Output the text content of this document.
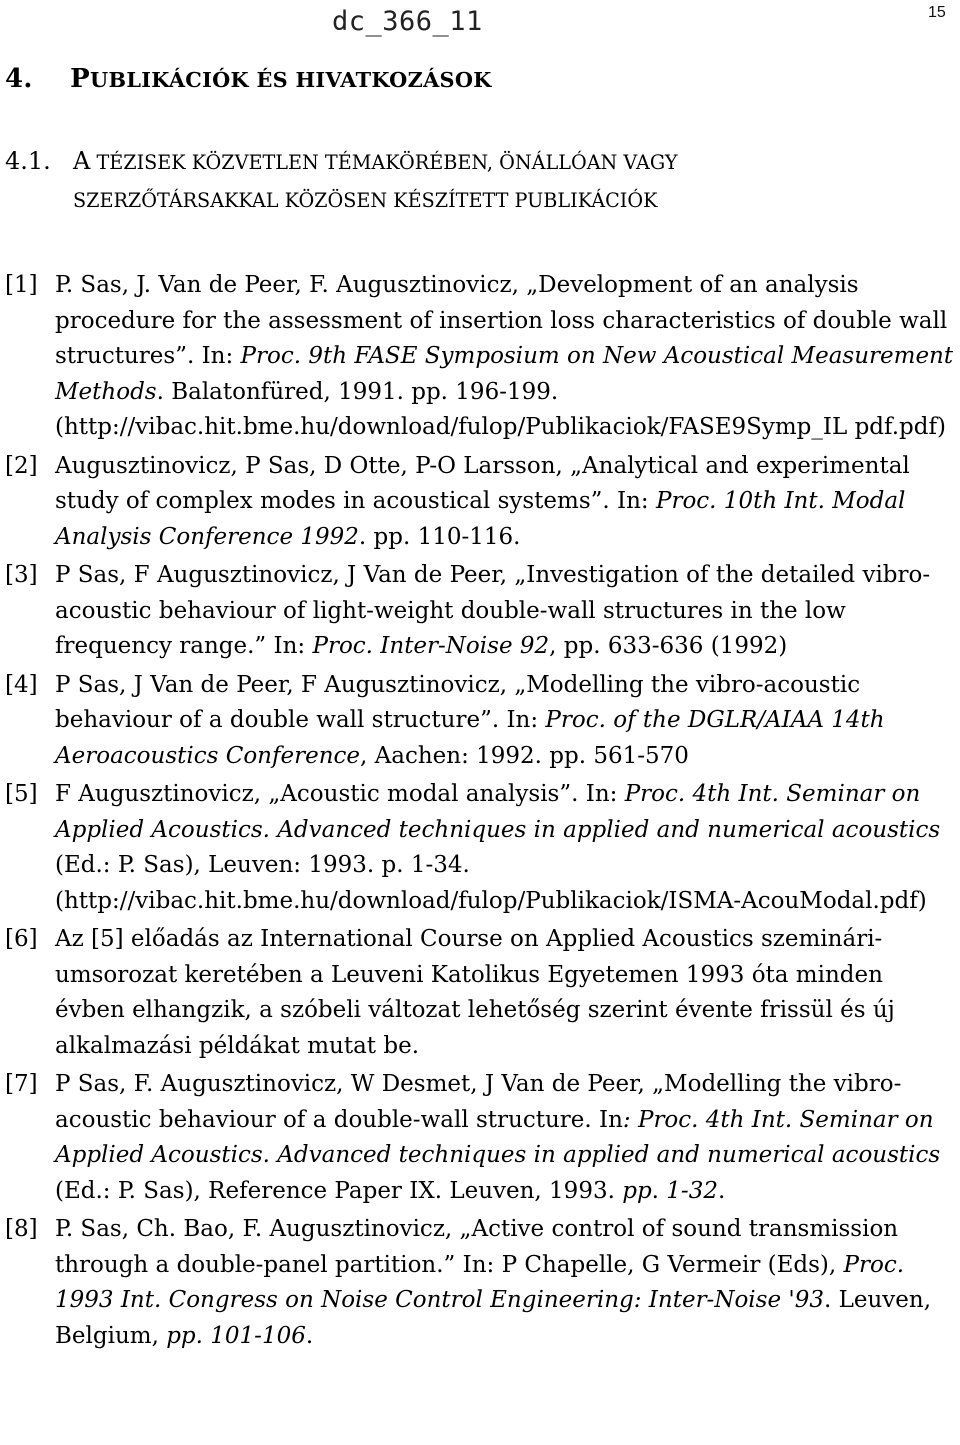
dc_366_11	15
4. PUBLIKÁCIÓK ÉS HIVATKOZÁSOK
4.1. A TÉZISEK KÖZVETLEN TÉMAKÖRÉBEN, ÖNÁLLÓAN VAGY
SZERZŐTÁRSAKKAL KÖZÖSEN KÉSZÍTETT PUBLIKÁCIÓK
[1] P. Sas, J. Van de Peer, F. Augusztinovicz, „Development of an analysis procedure for the assessment of insertion loss characteristics of double wall structures”. In: Proc. 9th FASE Symposium on New Acoustical Measurement Methods. Balatonfüred, 1991. pp. 196-199. (http://vibac.hit.bme.hu/download/fulop/Publikaciok/FASE9Symp_IL pdf.pdf)
[2] Augusztinovicz, P Sas, D Otte, P-O Larsson, „Analytical and experimental study of complex modes in acoustical systems”. In: Proc. 10th Int. Modal Analysis Conference 1992. pp. 110-116.
[3] P Sas, F Augusztinovicz, J Van de Peer, „Investigation of the detailed vibro-acoustic behaviour of light-weight double-wall structures in the low frequency range.” In: Proc. Inter-Noise 92, pp. 633-636 (1992)
[4] P Sas, J Van de Peer, F Augusztinovicz, „Modelling the vibro-acoustic behaviour of a double wall structure”. In: Proc. of the DGLR/AIAA 14th Aeroacoustics Conference, Aachen: 1992. pp. 561-570
[5] F Augusztinovicz, „Acoustic modal analysis”. In: Proc. 4th Int. Seminar on Applied Acoustics. Advanced techniques in applied and numerical acoustics (Ed.: P. Sas), Leuven: 1993. p. 1-34. (http://vibac.hit.bme.hu/download/fulop/Publikaciok/ISMA-AcouModal.pdf)
[6] Az [5] előadás az International Course on Applied Acoustics szeminári-umsorozat keretében a Leuveni Katolikus Egyetemen 1993 óta minden évben elhangzik, a szóbeli változat lehetőség szerint évente frissül és új alkalmazási példákat mutat be.
[7] P Sas, F. Augusztinovicz, W Desmet, J Van de Peer, „Modelling the vibro-acoustic behaviour of a double-wall structure. In: Proc. 4th Int. Seminar on Applied Acoustics. Advanced techniques in applied and numerical acoustics (Ed.: P. Sas), Reference Paper IX. Leuven, 1993. pp. 1-32.
[8] P. Sas, Ch. Bao, F. Augusztinovicz, „Active control of sound transmission through a double-panel partition.” In: P Chapelle, G Vermeir (Eds), Proc. 1993 Int. Congress on Noise Control Engineering: Inter-Noise '93. Leuven, Belgium, pp. 101-106.
